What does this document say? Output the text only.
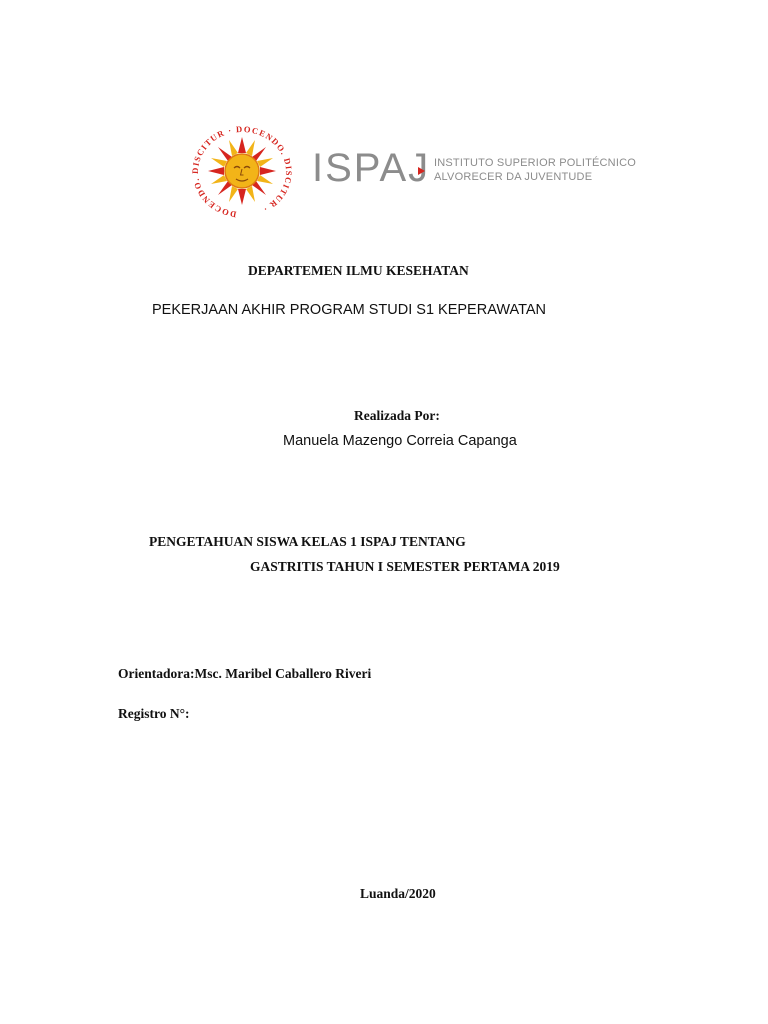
DOCENDO. DISCITUR · DOCENDO. DISCITUR ·
ISPAJ INSTITUTO SUPERIOR POLITÉCNICO
ALVORECER DA JUVENTUDE
DEPARTEMEN ILMU KESEHATAN
PEKERJAAN AKHIR PROGRAM STUDI S1 KEPERAWATAN
Realizada Por:
Manuela Mazengo Correia Capanga
PENGETAHUAN SISWA KELAS 1 ISPAJ TENTANG
GASTRITIS TAHUN I SEMESTER PERTAMA 2019
Orientadora:Msc. Maribel Caballero Riveri
Registro N°:
Luanda/2020
